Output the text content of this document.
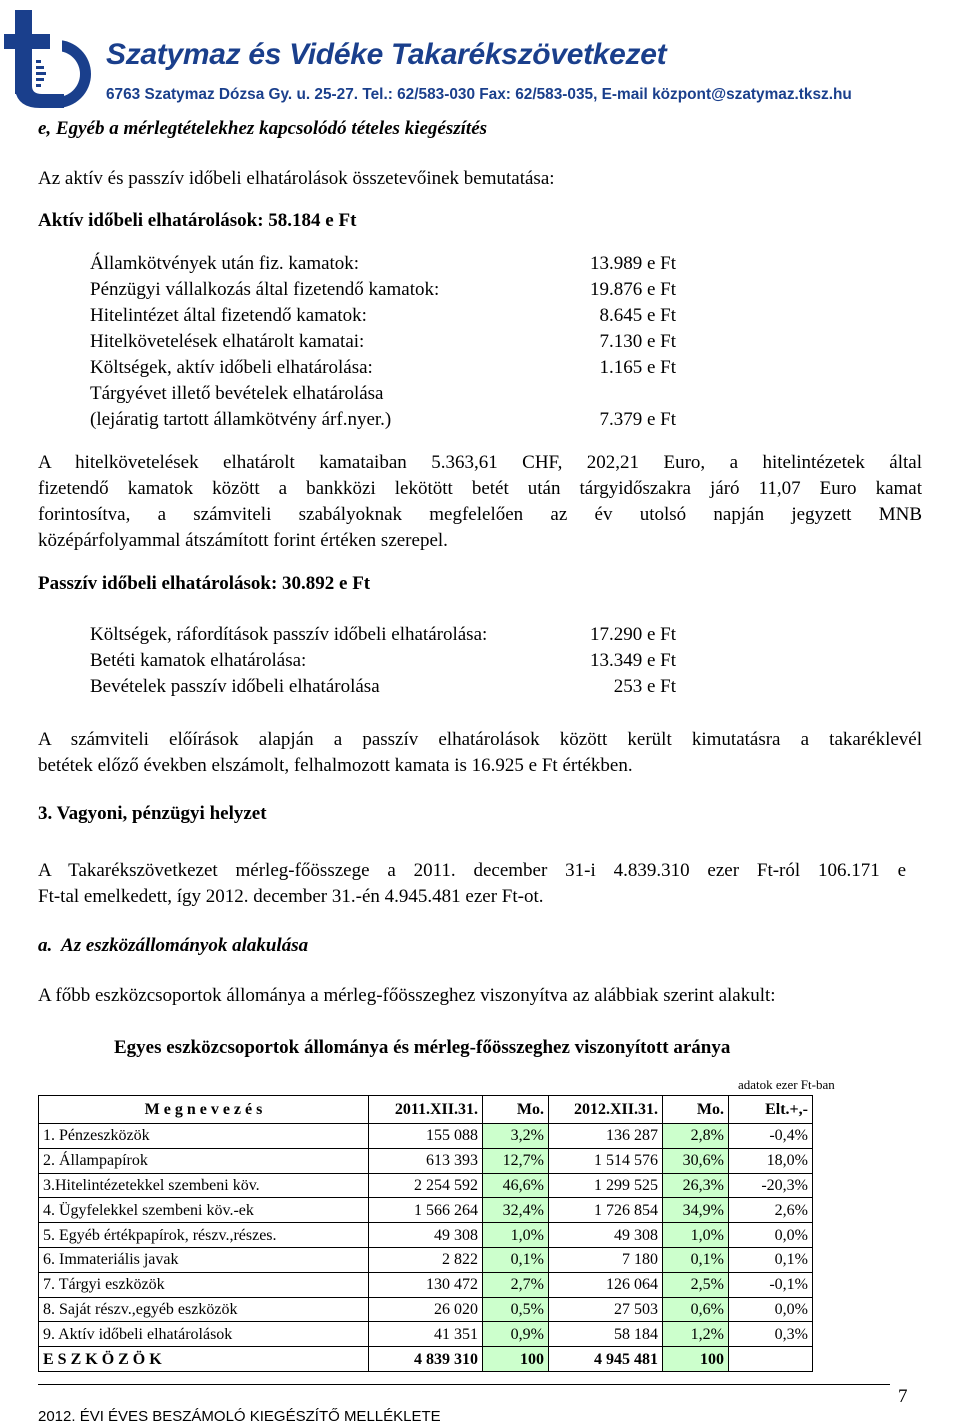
Szatymaz és Vidéke Takarékszövetkezet
6763 Szatymaz Dózsa Gy. u. 25-27. Tel.: 62/583-030 Fax: 62/583-035, E-mail központ@szatymaz.tksz.hu
e, Egyéb a mérlegtételekhez kapcsolódó tételes kiegészítés
Az aktív és passzív időbeli elhatárolások összetevőinek bemutatása:
Aktív időbeli elhatárolások: 58.184 e Ft
Államkötvények után fiz. kamatok:	13.989 e Ft
Pénzügyi vállalkozás által fizetendő kamatok:	19.876 e Ft
Hitelintézet által fizetendő kamatok:	8.645 e Ft
Hitelkövetelések elhatárolt kamatai:	7.130 e Ft
Költségek, aktív időbeli elhatárolása:	1.165 e Ft
Tárgyévet illető bevételek elhatárolása
(lejáratig tartott államkötvény árf.nyer.)	7.379 e Ft
A hitelkövetelések elhatárolt kamataiban 5.363,61 CHF, 202,21 Euro, a hitelintézetek által
fizetendő kamatok között a bankközi lekötött betét után tárgyidőszakra járó 11,07 Euro kamat
forintosítva, a számviteli szabályoknak megfelelően az év utolsó napján jegyzett MNB
középárfolyammal átszámított forint értéken szerepel.
Passzív időbeli elhatárolások: 30.892 e Ft
Költségek, ráfordítások passzív időbeli elhatárolása:	17.290 e Ft
Betéti kamatok elhatárolása:	13.349 e Ft
Bevételek passzív időbeli elhatárolása	253 e Ft
A számviteli előírások alapján a passzív elhatárolások között került kimutatásra a takaréklevél
betétek előző években elszámolt, felhalmozott kamata is 16.925 e Ft értékben.
3. Vagyoni, pénzügyi helyzet
A Takarékszövetkezet mérleg-főösszege a 2011. december 31-i 4.839.310 ezer Ft-ról 106.171 e
Ft-tal emelkedett, így 2012. december 31.-én 4.945.481 ezer Ft-ot.
a.  Az eszközállományok alakulása
A főbb eszközcsoportok állománya a mérleg-főösszeghez viszonyítva az alábbiak szerint alakult:
Egyes eszközcsoportok állománya és mérleg-főösszeghez viszonyított aránya
adatok ezer Ft-ban
M e g n e v e z é s	2011.XII.31.	Mo.	2012.XII.31.	Mo.	Elt.+,-
1. Pénzeszközök	155 088	3,2%	136 287	2,8%	-0,4%
2. Állampapírok	613 393	12,7%	1 514 576	30,6%	18,0%
3.Hitelintézetekkel szembeni köv.	2 254 592	46,6%	1 299 525	26,3%	-20,3%
4. Ügyfelekkel szembeni köv.-ek	1 566 264	32,4%	1 726 854	34,9%	2,6%
5. Egyéb értékpapírok, részv.,részes.	49 308	1,0%	49 308	1,0%	0,0%
6. Immateriális javak	2 822	0,1%	7 180	0,1%	0,1%
7. Tárgyi eszközök	130 472	2,7%	126 064	2,5%	-0,1%
8. Saját részv.,egyéb eszközök	26 020	0,5%	27 503	0,6%	0,0%
9. Aktív időbeli elhatárolások	41 351	0,9%	58 184	1,2%	0,3%
E S Z K Ö Z Ö K	4 839 310	100	4 945 481	100	
7
2012. ÉVI ÉVES BESZÁMOLÓ KIEGÉSZÍTŐ MELLÉKLETE
